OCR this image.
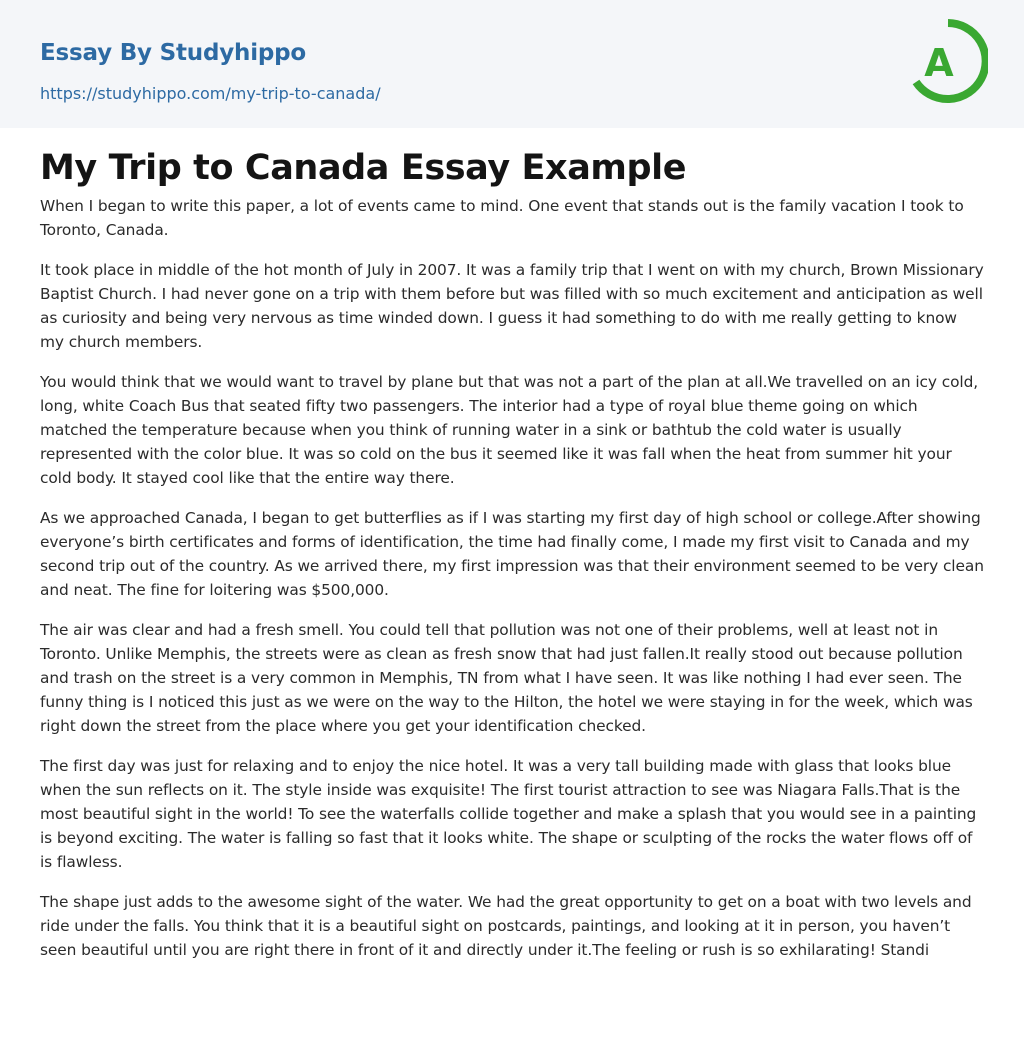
Essay By Studyhippo
https://studyhippo.com/my-trip-to-canada/
A
My Trip to Canada Essay Example

When I began to write this paper, a lot of events came to mind. One event that stands out is the family vacation I took to Toronto, Canada.

It took place in middle of the hot month of July in 2007. It was a family trip that I went on with my church, Brown Missionary Baptist Church. I had never gone on a trip with them before but was filled with so much excitement and anticipation as well as curiosity and being very nervous as time winded down. I guess it had something to do with me really getting to know my church members.

You would think that we would want to travel by plane but that was not a part of the plan at all.We travelled on an icy cold, long, white Coach Bus that seated fifty two passengers. The interior had a type of royal blue theme going on which matched the temperature because when you think of running water in a sink or bathtub the cold water is usually represented with the color blue. It was so cold on the bus it seemed like it was fall when the heat from summer hit your cold body. It stayed cool like that the entire way there.

As we approached Canada, I began to get butterflies as if I was starting my first day of high school or college.After showing everyone’s birth certificates and forms of identification, the time had finally come, I made my first visit to Canada and my second trip out of the country. As we arrived there, my first impression was that their environment seemed to be very clean and neat. The fine for loitering was $500,000.

The air was clear and had a fresh smell. You could tell that pollution was not one of their problems, well at least not in Toronto. Unlike Memphis, the streets were as clean as fresh snow that had just fallen.It really stood out because pollution and trash on the street is a very common in Memphis, TN from what I have seen. It was like nothing I had ever seen. The funny thing is I noticed this just as we were on the way to the Hilton, the hotel we were staying in for the week, which was right down the street from the place where you get your identification checked.

The first day was just for relaxing and to enjoy the nice hotel. It was a very tall building made with glass that looks blue when the sun reflects on it. The style inside was exquisite! The first tourist attraction to see was Niagara Falls.That is the most beautiful sight in the world! To see the waterfalls collide together and make a splash that you would see in a painting is beyond exciting. The water is falling so fast that it looks white. The shape or sculpting of the rocks the water flows off of is flawless.

The shape just adds to the awesome sight of the water. We had the great opportunity to get on a boat with two levels and ride under the falls. You think that it is a beautiful sight on postcards, paintings, and looking at it in person, you haven’t seen beautiful until you are right there in front of it and directly under it.The feeling or rush is so exhilarating! Standi
